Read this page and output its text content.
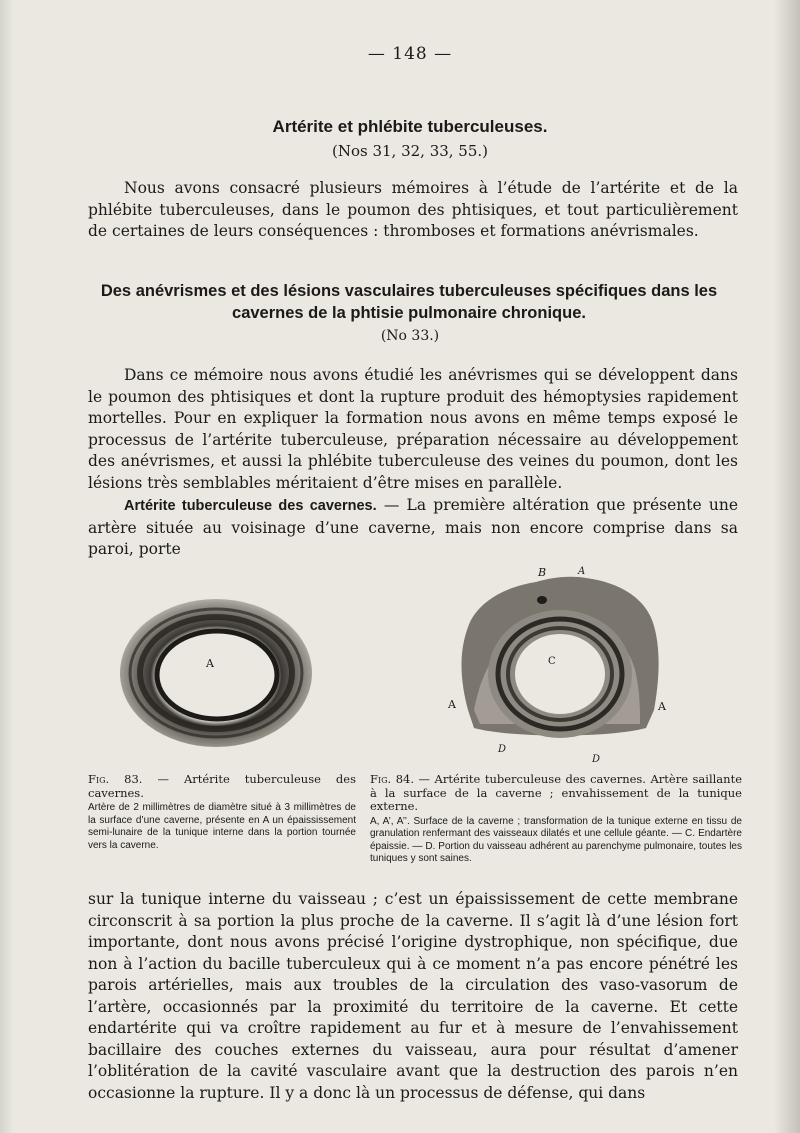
— 148 —
Artérite et phlébite tuberculeuses.
(Nos 31, 32, 33, 55.)
Nous avons consacré plusieurs mémoires à l’étude de l’artérite et de la phlébite tuberculeuses, dans le poumon des phtisiques, et tout particulièrement de certaines de leurs conséquences : thromboses et formations anévrismales.
Des anévrismes et des lésions vasculaires tuberculeuses spécifiques dans les cavernes de la phtisie pulmonaire chronique.
(No 33.)
Dans ce mémoire nous avons étudié les anévrismes qui se développent dans le poumon des phtisiques et dont la rupture produit des hémoptysies rapidement mortelles. Pour en expliquer la formation nous avons en même temps exposé le processus de l’artérite tuberculeuse, préparation nécessaire au développement des anévrismes, et aussi la phlébite tuberculeuse des veines du poumon, dont les lésions très semblables méritaient d’être mises en parallèle.
Artérite tuberculeuse des cavernes. — La première altération que présente une artère située au voisinage d’une caverne, mais non encore comprise dans sa paroi, porte
A
B	A
C
A	A
D
D
Fig. 83. — Artérite tuberculeuse des cavernes.
Artère de 2 millimètres de diamètre situé à 3 millimètres de la surface d’une caverne, présente en A un épaississement semi-lunaire de la tunique interne dans la portion tournée vers la caverne.
Fig. 84. — Artérite tuberculeuse des cavernes. Artère saillante à la surface de la caverne ; envahissement de la tunique externe.
A, A’, A’’. Surface de la caverne ; transformation de la tunique externe en tissu de granulation renfermant des vaisseaux dilatés et une cellule géante. — C. Endartère épaissie. — D. Portion du vaisseau adhérent au parenchyme pulmonaire, toutes les tuniques y sont saines.
sur la tunique interne du vaisseau ; c’est un épaississement de cette membrane circonscrit à sa portion la plus proche de la caverne. Il s’agit là d’une lésion fort importante, dont nous avons précisé l’origine dystrophique, non spécifique, due non à l’action du bacille tuberculeux qui à ce moment n’a pas encore pénétré les parois artérielles, mais aux troubles de la circulation des vaso-vasorum de l’artère, occasionnés par la proximité du territoire de la caverne. Et cette endartérite qui va croître rapidement au fur et à mesure de l’envahissement bacillaire des couches externes du vaisseau, aura pour résultat d’amener l’oblitération de la cavité vasculaire avant que la destruction des parois n’en occasionne la rupture. Il y a donc là un processus de défense, qui dans
